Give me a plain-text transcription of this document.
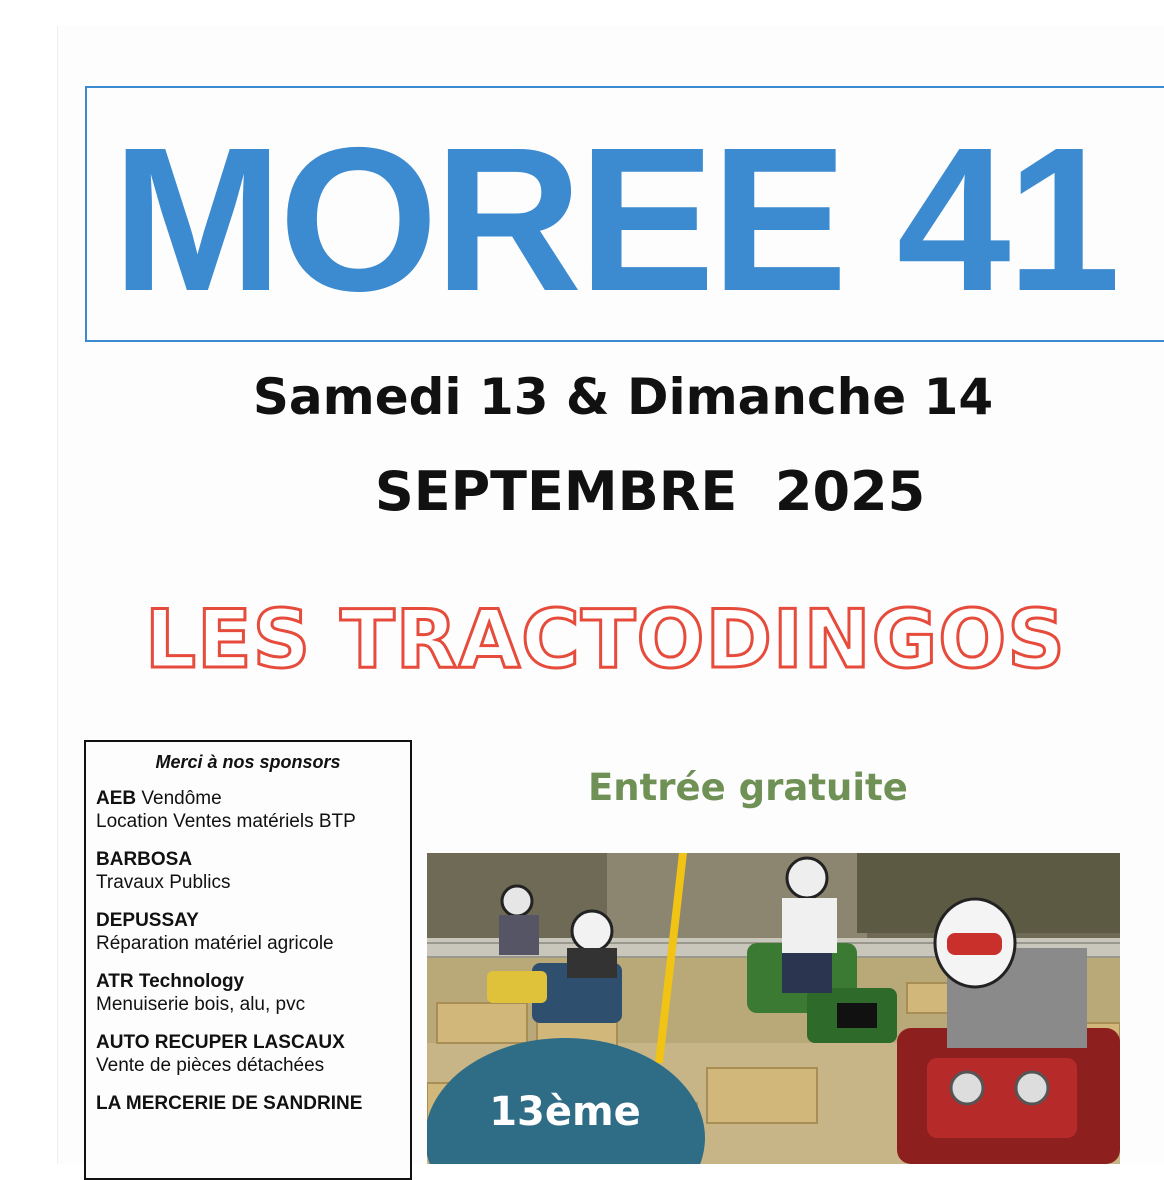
MOREE 41
Samedi 13 & Dimanche 14
SEPTEMBRE  2025
LES TRACTODINGOS
Merci à nos sponsors
AEB Vendôme
Location Ventes matériels BTP
BARBOSA
Travaux Publics
DEPUSSAY
Réparation matériel agricole
ATR Technology
Menuiserie bois, alu, pvc
AUTO RECUPER LASCAUX
Vente de pièces détachées
LA MERCERIE DE SANDRINE
Entrée gratuite
13ème
